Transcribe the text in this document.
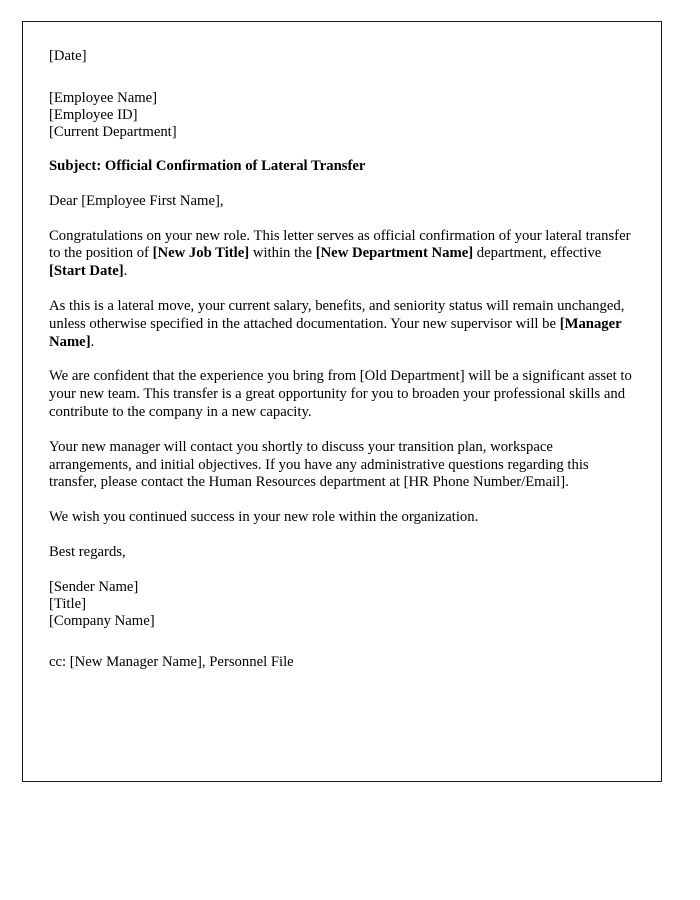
[Date]
[Employee Name]
[Employee ID]
[Current Department]
Subject: Official Confirmation of Lateral Transfer
Dear [Employee First Name],
Congratulations on your new role. This letter serves as official confirmation of your lateral transfer to the position of [New Job Title] within the [New Department Name] department, effective [Start Date].
As this is a lateral move, your current salary, benefits, and seniority status will remain unchanged, unless otherwise specified in the attached documentation. Your new supervisor will be [Manager Name].
We are confident that the experience you bring from [Old Department] will be a significant asset to your new team. This transfer is a great opportunity for you to broaden your professional skills and contribute to the company in a new capacity.
Your new manager will contact you shortly to discuss your transition plan, workspace arrangements, and initial objectives. If you have any administrative questions regarding this transfer, please contact the Human Resources department at [HR Phone Number/Email].
We wish you continued success in your new role within the organization.
Best regards,
[Sender Name]
[Title]
[Company Name]
cc: [New Manager Name], Personnel File
